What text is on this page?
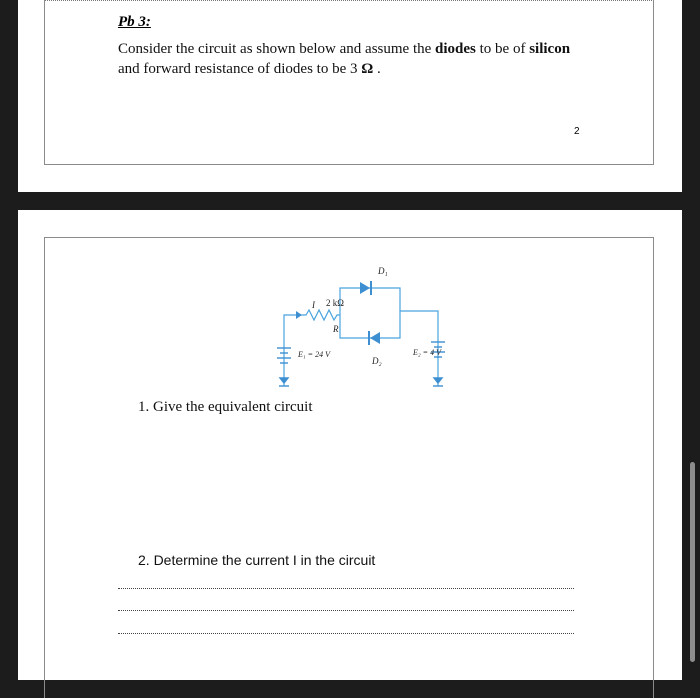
Pb 3:
Consider the circuit as shown below and assume the diodes to be of silicon and forward resistance of diodes to be 3 Ω .
2
I 2 kΩ
R
E₁ = 24 V	E₂ = 4 V
D₁
D₂
1. Give the equivalent circuit
2. Determine the current I in the circuit
